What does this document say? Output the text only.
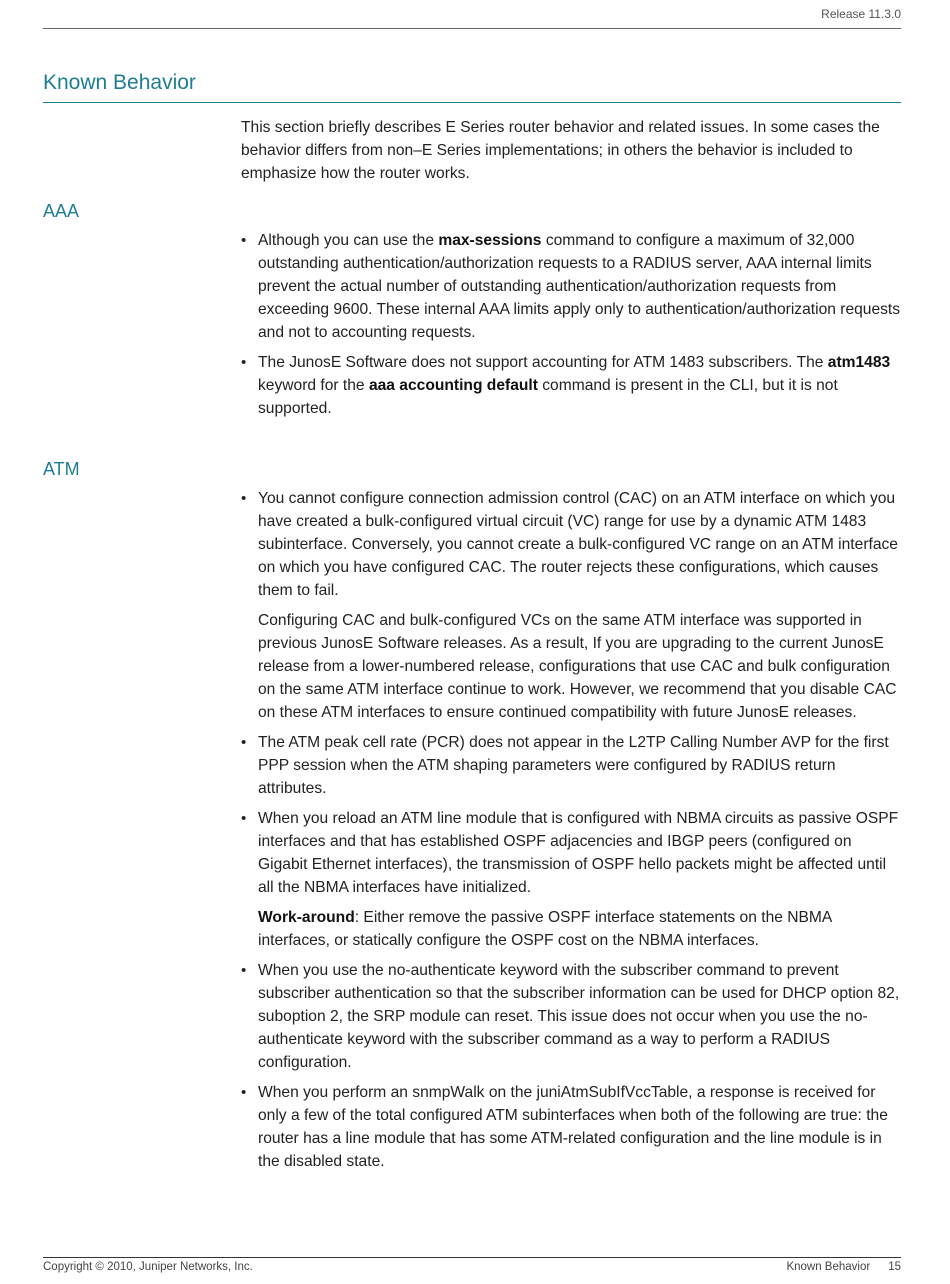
Release 11.3.0
Known Behavior

This section briefly describes E Series router behavior and related issues. In some cases the behavior differs from non–E Series implementations; in others the behavior is included to emphasize how the router works.

AAA

• Although you can use the max-sessions command to configure a maximum of 32,000 outstanding authentication/authorization requests to a RADIUS server, AAA internal limits prevent the actual number of outstanding authentication/authorization requests from exceeding 9600. These internal AAA limits apply only to authentication/authorization requests and not to accounting requests.

• The JunosE Software does not support accounting for ATM 1483 subscribers. The atm1483 keyword for the aaa accounting default command is present in the CLI, but it is not supported.

ATM

• You cannot configure connection admission control (CAC) on an ATM interface on which you have created a bulk-configured virtual circuit (VC) range for use by a dynamic ATM 1483 subinterface. Conversely, you cannot create a bulk-configured VC range on an ATM interface on which you have configured CAC. The router rejects these configurations, which causes them to fail.

Configuring CAC and bulk-configured VCs on the same ATM interface was supported in previous JunosE Software releases. As a result, If you are upgrading to the current JunosE release from a lower-numbered release, configurations that use CAC and bulk configuration on the same ATM interface continue to work. However, we recommend that you disable CAC on these ATM interfaces to ensure continued compatibility with future JunosE releases.

• The ATM peak cell rate (PCR) does not appear in the L2TP Calling Number AVP for the first PPP session when the ATM shaping parameters were configured by RADIUS return attributes.

• When you reload an ATM line module that is configured with NBMA circuits as passive OSPF interfaces and that has established OSPF adjacencies and IBGP peers (configured on Gigabit Ethernet interfaces), the transmission of OSPF hello packets might be affected until all the NBMA interfaces have initialized.

Work-around: Either remove the passive OSPF interface statements on the NBMA interfaces, or statically configure the OSPF cost on the NBMA interfaces.

• When you use the no-authenticate keyword with the subscriber command to prevent subscriber authentication so that the subscriber information can be used for DHCP option 82, suboption 2, the SRP module can reset. This issue does not occur when you use the no-authenticate keyword with the subscriber command as a way to perform a RADIUS configuration.

• When you perform an snmpWalk on the juniAtmSubIfVccTable, a response is received for only a few of the total configured ATM subinterfaces when both of the following are true: the router has a line module that has some ATM-related configuration and the line module is in the disabled state.

Copyright © 2010, Juniper Networks, Inc.	Known Behavior 15
